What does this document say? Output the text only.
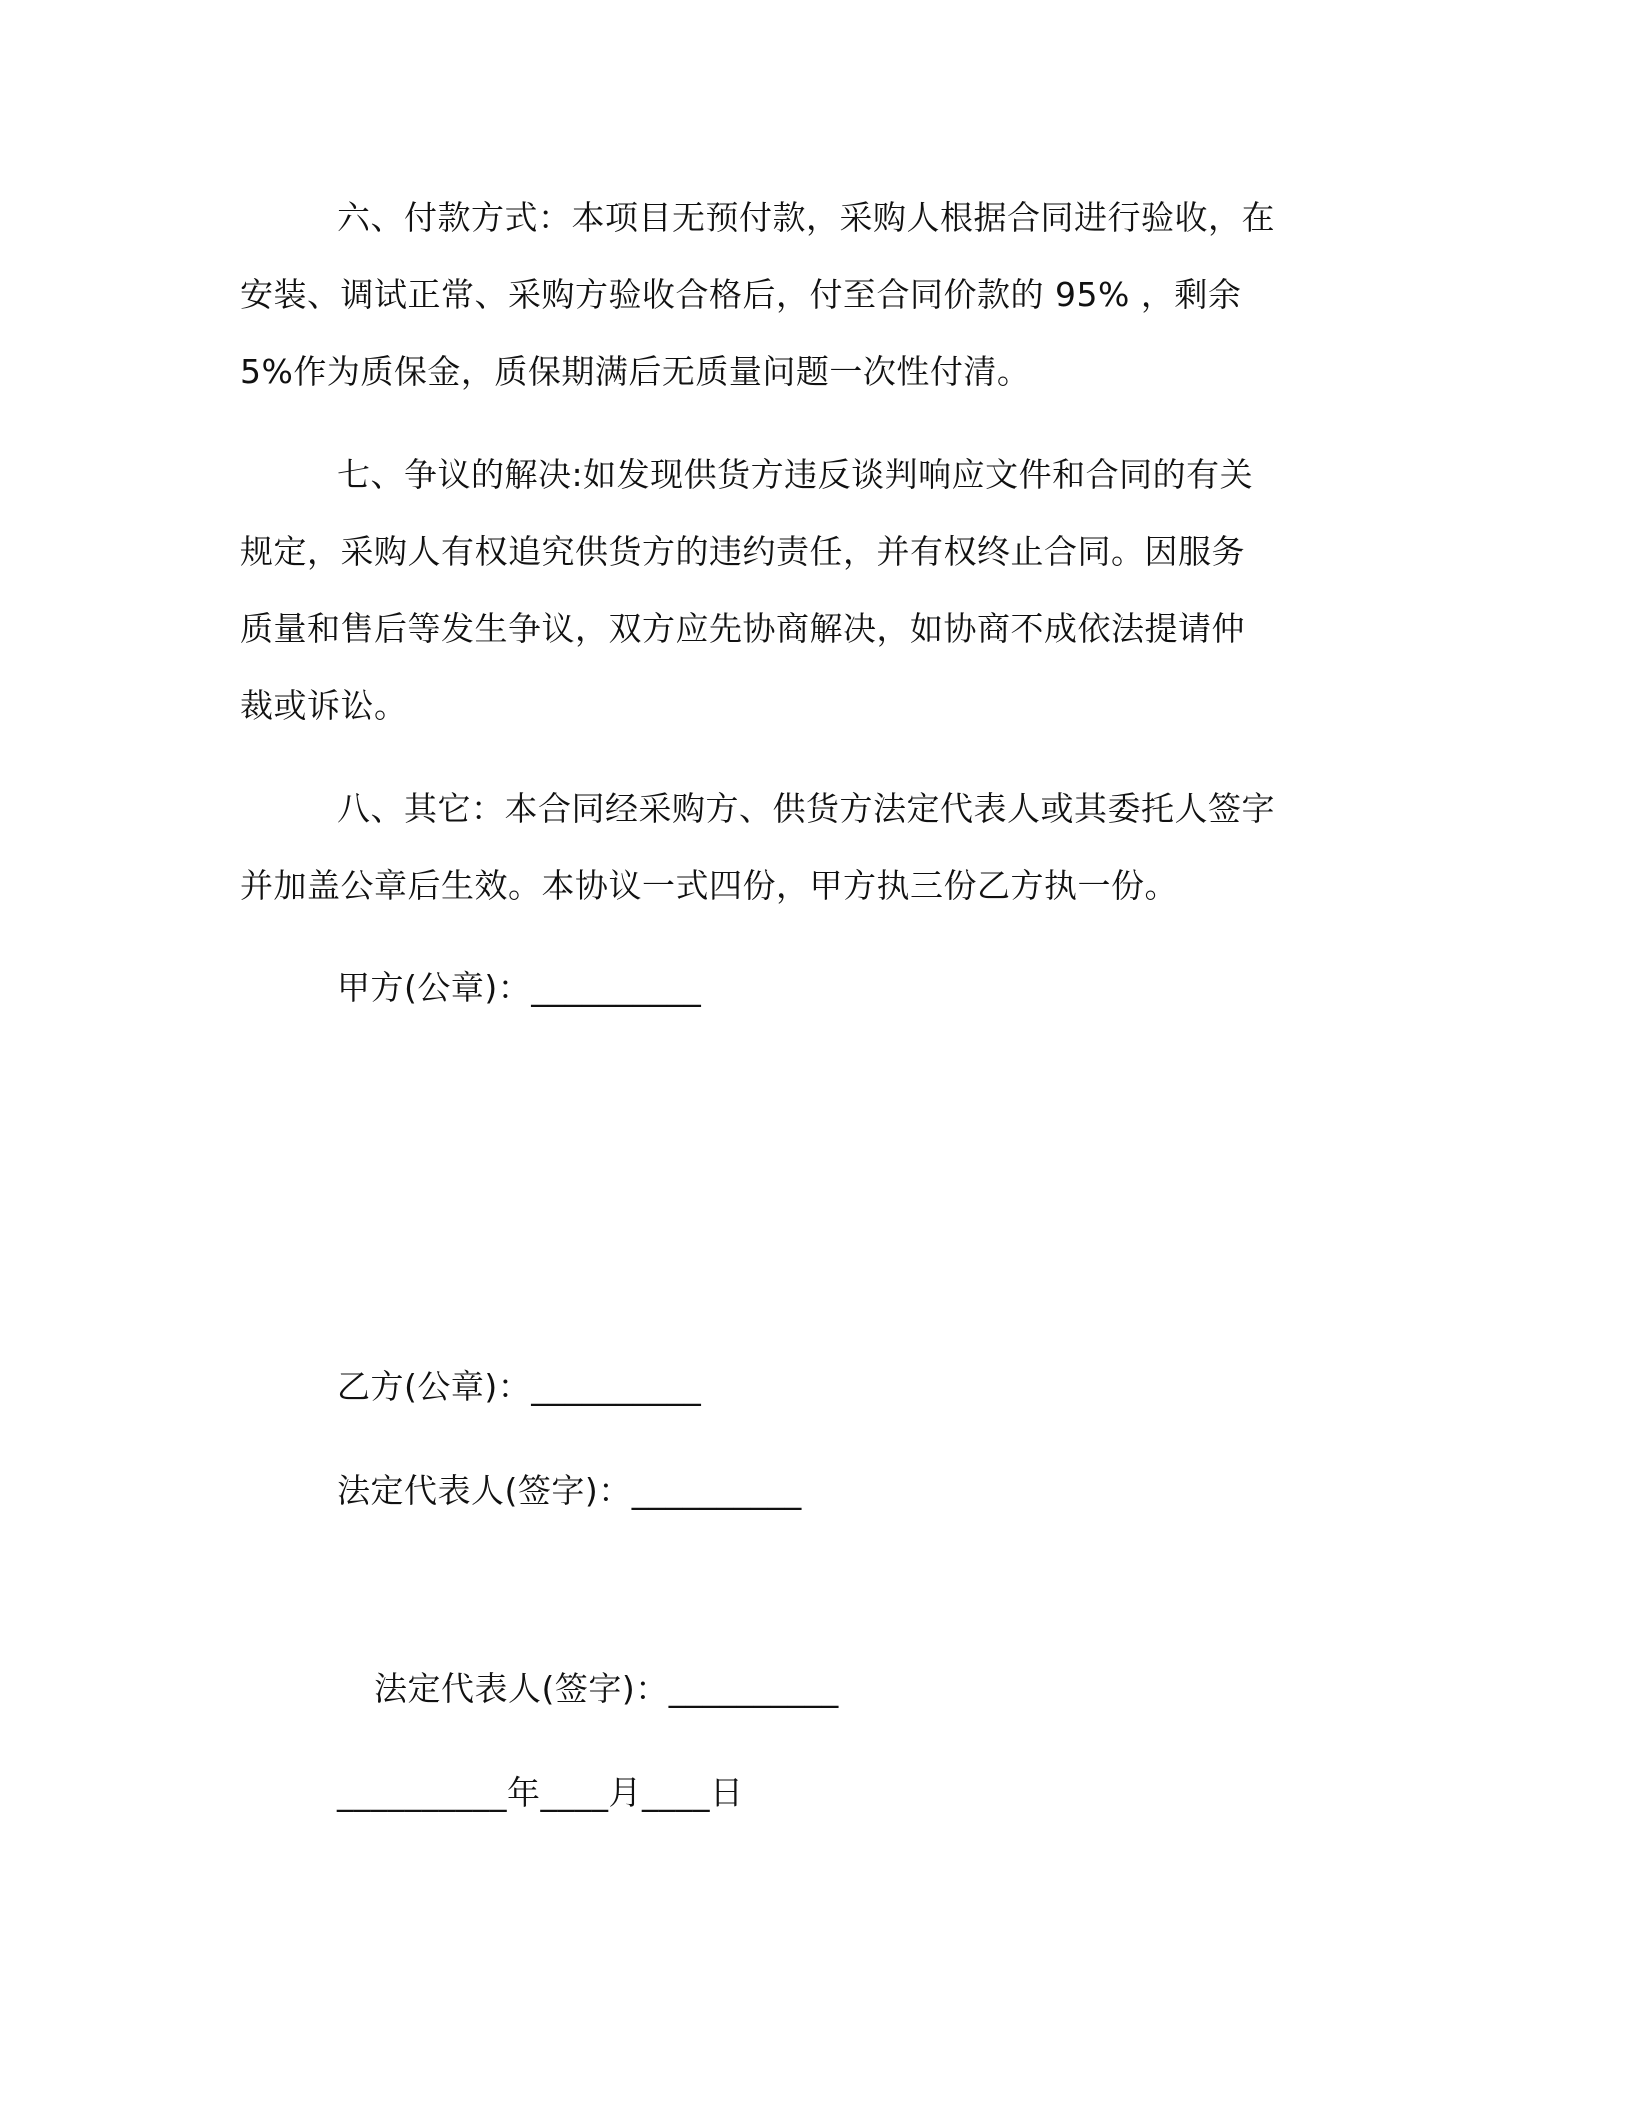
六、付款方式：本项目无预付款，采购人根据合同进行验收，在
安装、调试正常、采购方验收合格后，付至合同价款的 95% ，剩余
5%作为质保金，质保期满后无质量问题一次性付清。
七、争议的解决:如发现供货方违反谈判响应文件和合同的有关
规定，采购人有权追究供货方的违约责任，并有权终止合同。因服务
质量和售后等发生争议，双方应先协商解决，如协商不成依法提请仲
裁或诉讼。
八、其它：本合同经采购方、供货方法定代表人或其委托人签字
并加盖公章后生效。本协议一式四份，甲方执三份乙方执一份。
甲方(公章)：__________
乙方(公章)：__________
法定代表人(签字)：__________
法定代表人(签字)：__________
__________年____月____日
